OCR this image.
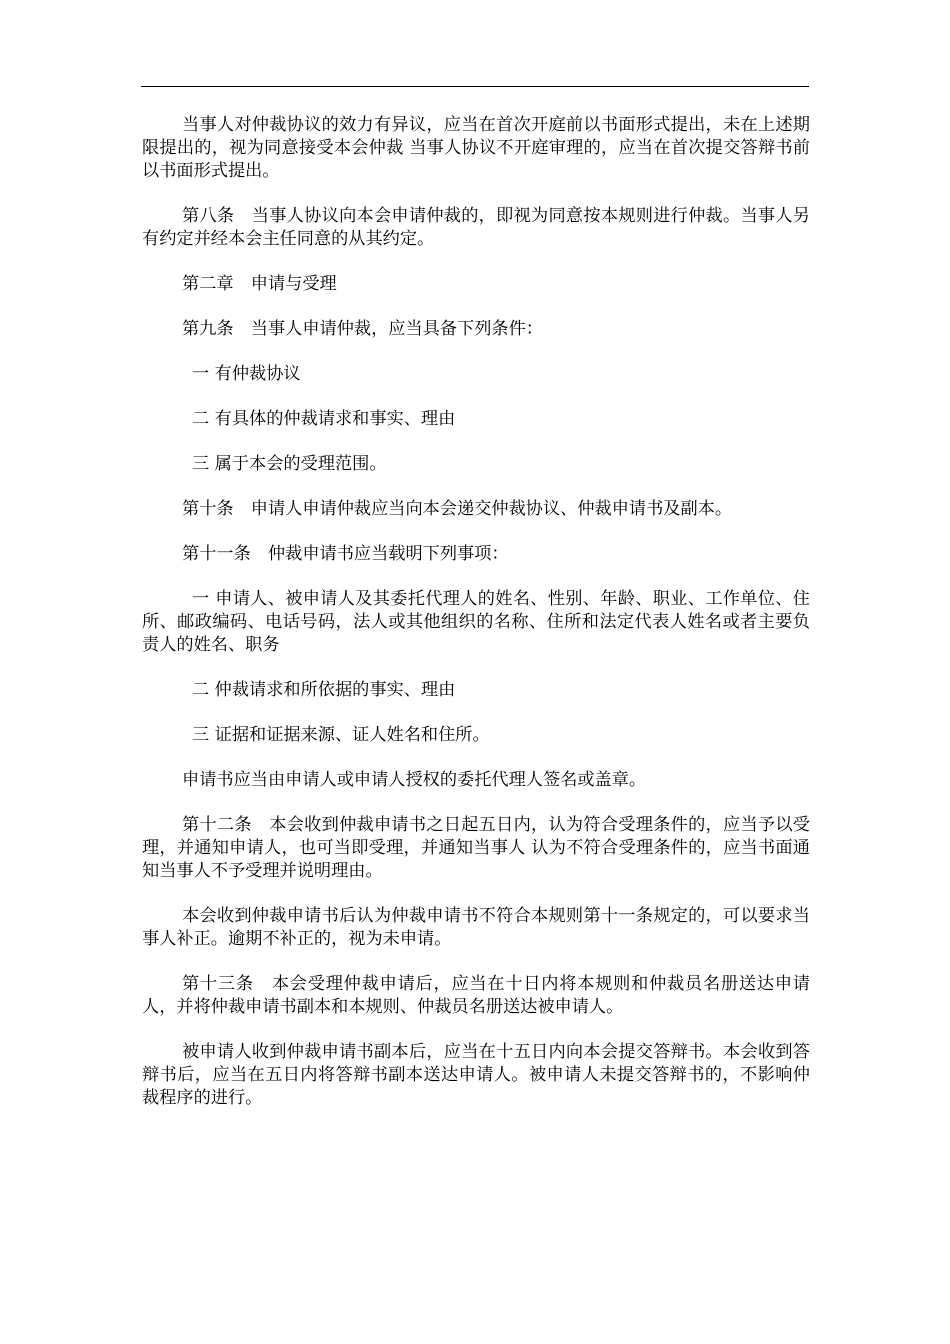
当事人对仲裁协议的效力有异议，应当在首次开庭前以书面形式提出，未在上述期限提出的，视为同意接受本会仲裁 当事人协议不开庭审理的，应当在首次提交答辩书前以书面形式提出。

第八条　当事人协议向本会申请仲裁的，即视为同意按本规则进行仲裁。当事人另有约定并经本会主任同意的从其约定。

第二章　申请与受理

第九条　当事人申请仲裁，应当具备下列条件：

一 有仲裁协议

二 有具体的仲裁请求和事实、理由

三 属于本会的受理范围。

第十条　申请人申请仲裁应当向本会递交仲裁协议、仲裁申请书及副本。

第十一条　仲裁申请书应当载明下列事项：

一 申请人、被申请人及其委托代理人的姓名、性别、年龄、职业、工作单位、住所、邮政编码、电话号码，法人或其他组织的名称、住所和法定代表人姓名或者主要负责人的姓名、职务

二 仲裁请求和所依据的事实、理由

三 证据和证据来源、证人姓名和住所。

申请书应当由申请人或申请人授权的委托代理人签名或盖章。

第十二条　本会收到仲裁申请书之日起五日内，认为符合受理条件的，应当予以受理，并通知申请人，也可当即受理，并通知当事人 认为不符合受理条件的，应当书面通知当事人不予受理并说明理由。

本会收到仲裁申请书后认为仲裁申请书不符合本规则第十一条规定的，可以要求当事人补正。逾期不补正的，视为未申请。

第十三条　本会受理仲裁申请后，应当在十日内将本规则和仲裁员名册送达申请人，并将仲裁申请书副本和本规则、仲裁员名册送达被申请人。

被申请人收到仲裁申请书副本后，应当在十五日内向本会提交答辩书。本会收到答辩书后，应当在五日内将答辩书副本送达申请人。被申请人未提交答辩书的，不影响仲裁程序的进行。
